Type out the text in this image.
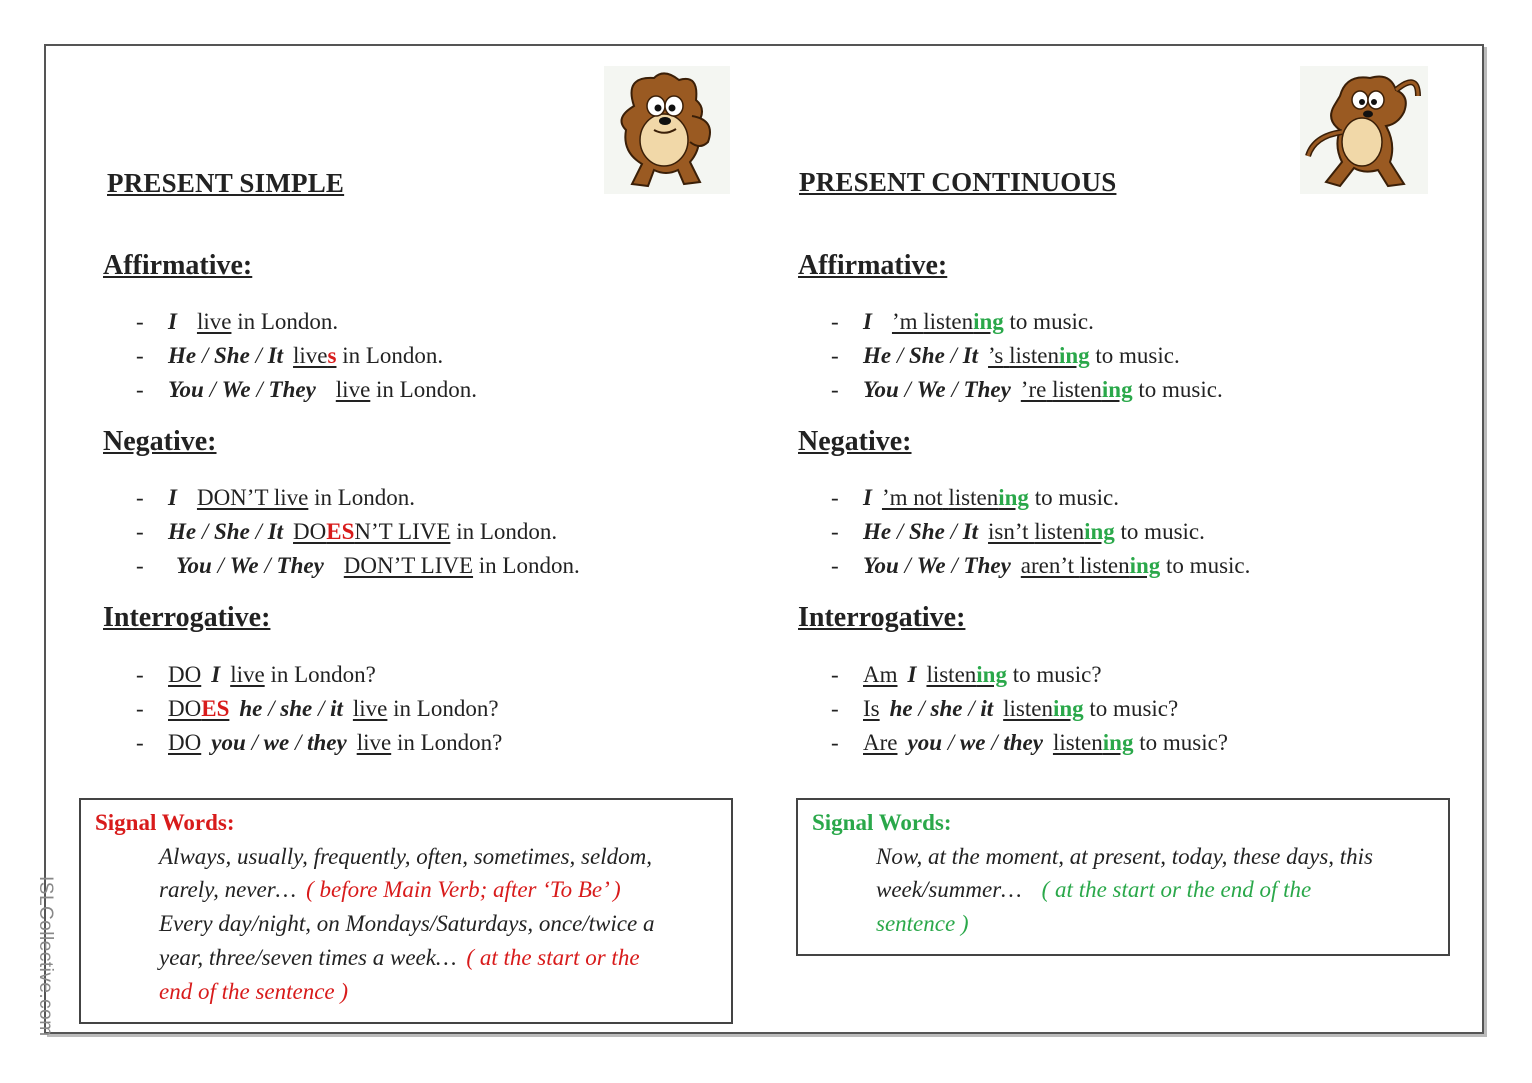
PRESENT SIMPLE
Affirmative:
- I live in London.
- He / She / It lives in London.
- You / We / They live in London.
Negative:
- I DON’T live in London.
- He / She / It DOESN’T LIVE in London.
- You / We / They DON’T LIVE in London.
Interrogative:
- DO I live in London?
- DOES he / she / it live in London?
- DO you / we / they live in London?
Signal Words:
Always, usually, frequently, often, sometimes, seldom,
rarely, never… ( before Main Verb; after ‘To Be’ )
Every day/night, on Mondays/Saturdays, once/twice a
year, three/seven times a week… ( at the start or the
end of the sentence )
PRESENT CONTINUOUS
Affirmative:
- I ’m listening to music.
- He / She / It ’s listening to music.
- You / We / They ’re listening to music.
Negative:
- I ’m not listening to music.
- He / She / It isn’t listening to music.
- You / We / They aren’t listening to music.
Interrogative:
- Am I listening to music?
- Is he / she / it listening to music?
- Are you / we / they listening to music?
Signal Words:
Now, at the moment, at present, today, these days, this
week/summer… ( at the start or the end of the
sentence )
ISLCollective.com
